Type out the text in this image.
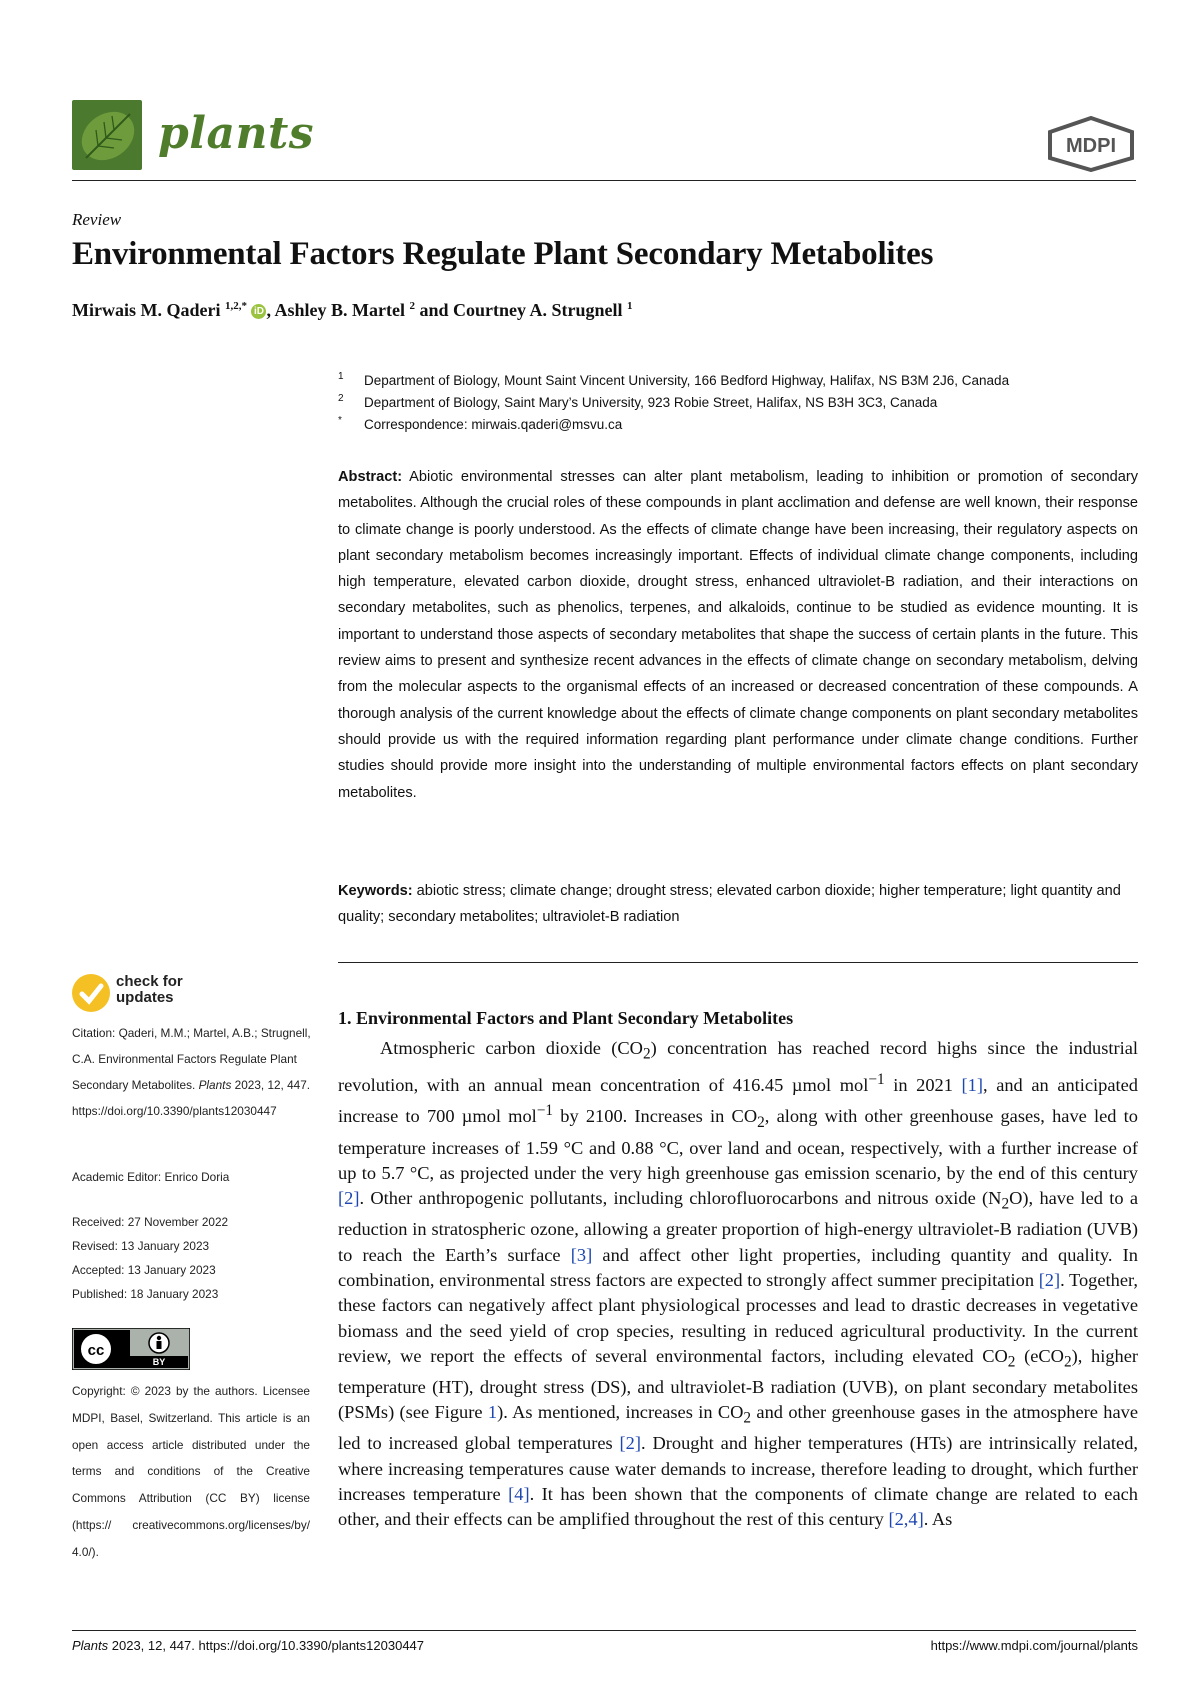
plants	MDPI
Review
Environmental Factors Regulate Plant Secondary Metabolites
Mirwais M. Qaderi $^{1,2,*}$ iD , Ashley B. Martel $^2$ and Courtney A. Strugnell $^1$
1 Department of Biology, Mount Saint Vincent University, 166 Bedford Highway, Halifax, NS B3M 2J6, Canada
2 Department of Biology, Saint Mary’s University, 923 Robie Street, Halifax, NS B3H 3C3, Canada
* Correspondence: mirwais.qaderi@msvu.ca
Abstract: Abiotic environmental stresses can alter plant metabolism, leading to inhibition or promotion of secondary metabolites. Although the crucial roles of these compounds in plant acclimation and defense are well known, their response to climate change is poorly understood. As the effects of climate change have been increasing, their regulatory aspects on plant secondary metabolism becomes increasingly important. Effects of individual climate change components, including high temperature, elevated carbon dioxide, drought stress, enhanced ultraviolet-B radiation, and their interactions on secondary metabolites, such as phenolics, terpenes, and alkaloids, continue to be studied as evidence mounting. It is important to understand those aspects of secondary metabolites that shape the success of certain plants in the future. This review aims to present and synthesize recent advances in the effects of climate change on secondary metabolism, delving from the molecular aspects to the organismal effects of an increased or decreased concentration of these compounds. A thorough analysis of the current knowledge about the effects of climate change components on plant secondary metabolites should provide us with the required information regarding plant performance under climate change conditions. Further studies should provide more insight into the understanding of multiple environmental factors effects on plant secondary metabolites.
Keywords: abiotic stress; climate change; drought stress; elevated carbon dioxide; higher temperature; light quantity and quality; secondary metabolites; ultraviolet-B radiation
check for
updates
Citation: Qaderi, M.M.; Martel, A.B.; Strugnell, C.A. Environmental Factors Regulate Plant Secondary Metabolites. Plants 2023, 12, 447. https://doi.org/10.3390/plants12030447
Academic Editor: Enrico Doria
Received: 27 November 2022
Revised: 13 January 2023
Accepted: 13 January 2023
Published: 18 January 2023
cc
BY
Copyright: © 2023 by the authors. Licensee MDPI, Basel, Switzerland. This article is an open access article distributed under the terms and conditions of the Creative Commons Attribution (CC BY) license (https:// creativecommons.org/licenses/by/ 4.0/).
1. Environmental Factors and Plant Secondary Metabolites

Atmospheric carbon dioxide $(CO_2)$ concentration has reached record highs since the industrial revolution, with an annual mean concentration of 416.45 µmol mol$^{-1}$ in 2021 [1], and an anticipated increase to 700 µmol mol$^{-1}$ by 2100. Increases in $CO_2$, along with other greenhouse gases, have led to temperature increases of 1.59 °C and 0.88 °C, over land and ocean, respectively, with a further increase of up to 5.7 °C, as projected under the very high greenhouse gas emission scenario, by the end of this century [2]. Other anthropogenic pollutants, including chlorofluorocarbons and nitrous oxide $(N_2O)$, have led to a reduction in stratospheric ozone, allowing a greater proportion of high-energy ultraviolet-B radiation (UVB) to reach the Earth’s surface [3] and affect other light properties, including quantity and quality. In combination, environmental stress factors are expected to strongly affect summer precipitation [2]. Together, these factors can negatively affect plant physiological processes and lead to drastic decreases in vegetative biomass and the seed yield of crop species, resulting in reduced agricultural productivity. In the current review, we report the effects of several environmental factors, including elevated $CO_2$ (eCO$_2$), higher temperature (HT), drought stress (DS), and ultraviolet-B radiation (UVB), on plant secondary metabolites (PSMs) (see Figure 1). As mentioned, increases in $CO_2$ and other greenhouse gases in the atmosphere have led to increased global temperatures [2]. Drought and higher temperatures (HTs) are intrinsically related, where increasing temperatures cause water demands to increase, therefore leading to drought, which further increases temperature [4]. It has been shown that the components of climate change are related to each other, and their effects can be amplified throughout the rest of this century [2,4]. As

Plants 2023, 12, 447. https://doi.org/10.3390/plants12030447	https://www.mdpi.com/journal/plants
